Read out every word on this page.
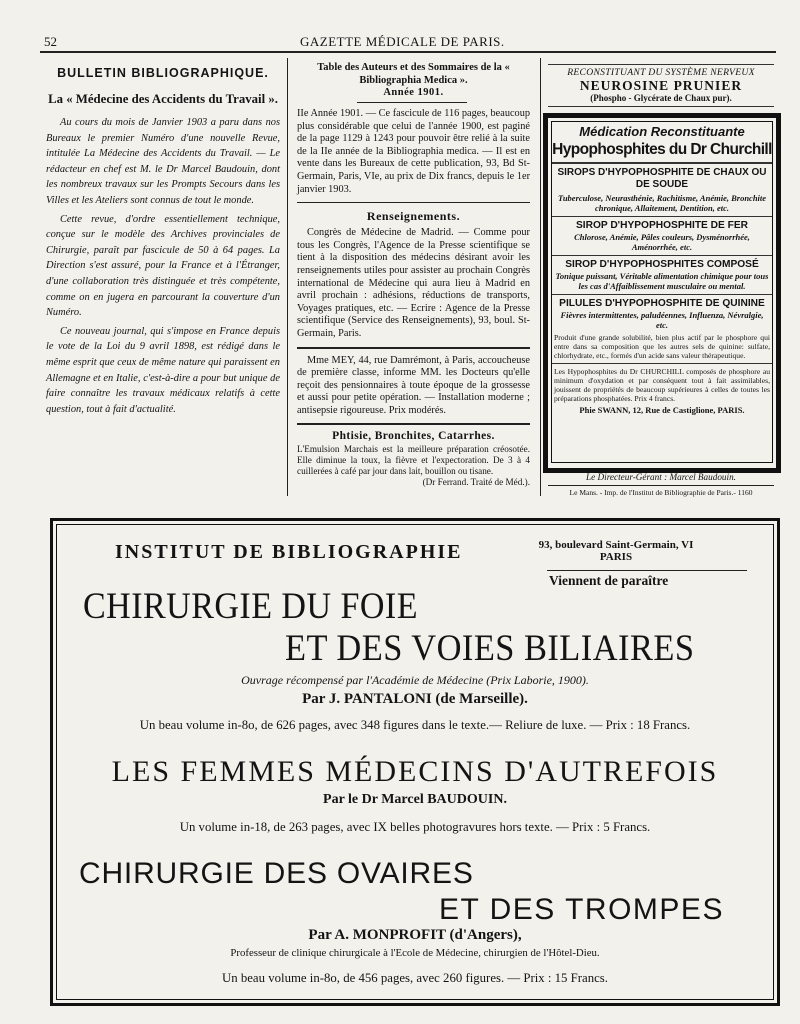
52	GAZETTE MÉDICALE DE PARIS.
BULLETIN BIBLIOGRAPHIQUE.
La « Médecine des Accidents du Travail ».

Au cours du mois de Janvier 1903 a paru dans nos Bureaux le premier Numéro d'une nouvelle Revue, intitulée La Médecine des Accidents du Travail. — Le rédacteur en chef est M. le Dr Marcel Baudouin, dont les nombreux travaux sur les Prompts Secours dans les Villes et les Ateliers sont connus de tout le monde.

Cette revue, d'ordre essentiellement technique, conçue sur le modèle des Archives provinciales de Chirurgie, paraît par fascicule de 50 à 64 pages. La Direction s'est assuré, pour la France et à l'Étranger, d'une collaboration très distinguée et très compétente, comme on en jugera en parcourant la couverture d'un Numéro.

Ce nouveau journal, qui s'impose en France depuis le vote de la Loi du 9 avril 1898, est rédigé dans le même esprit que ceux de même nature qui paraissent en Allemagne et en Italie, c'est-à-dire a pour but unique de faire connaître les travaux médicaux relatifs à cette question, tout à fait d'actualité.

Table des Auteurs et des Sommaires de la « Bibliographia Medica ».
Année 1901.

IIe Année 1901. — Ce fascicule de 116 pages, beaucoup plus considérable que celui de l'année 1900, est paginé de la page 1129 à 1243 pour pouvoir être relié à la suite de la IIe année de la Bibliographia medica. — Il est en vente dans les Bureaux de cette publication, 93, Bd St-Germain, Paris, VIe, au prix de Dix francs, depuis le 1er janvier 1903.

Renseignements.

Congrès de Médecine de Madrid. — Comme pour tous les Congrès, l'Agence de la Presse scientifique se tient à la disposition des médecins désirant avoir les renseignements utiles pour assister au prochain Congrès international de Médecine qui aura lieu à Madrid en avril prochain : adhésions, réductions de transports, Voyages pratiques, etc. — Ecrire : Agence de la Presse scientifique (Service des Renseignements), 93, boul. St-Germain, Paris.

Mme MEY, 44, rue Damrémont, à Paris, accoucheuse de première classe, informe MM. les Docteurs qu'elle reçoit des pensionnaires à toute époque de la grossesse et aussi pour petite opération. — Installation moderne ; antisepsie rigoureuse. Prix modérés.

Phtisie, Bronchites, Catarrhes.

L'Emulsion Marchais est la meilleure préparation créosotée. Elle diminue la toux, la fièvre et l'expectoration. De 3 à 4 cuillerées à café par jour dans lait, bouillon ou tisane.
(Dr Ferrand. Traité de Méd.).

RECONSTITUANT DU SYSTÈME NERVEUX
NEUROSINE PRUNIER
(Phospho - Glycérate de Chaux pur).
Médication Reconstituante
Hypophosphites du Dr Churchill
SIROPS D'HYPOPHOSPHITE DE CHAUX OU DE SOUDE
Tuberculose, Neurasthénie, Rachitisme, Anémie, Bronchite chronique, Allaitement, Dentition, etc.
SIROP D'HYPOPHOSPHITE DE FER
Chlorose, Anémie, Pâles couleurs, Dysménorrhée, Aménorrhée, etc.
SIROP D'HYPOPHOSPHITES COMPOSÉ
Tonique puissant, Véritable alimentation chimique pour tous les cas d'Affaiblissement musculaire ou mental.
PILULES D'HYPOPHOSPHITE DE QUININE
Fièvres intermittentes, paludéennes, Influenza, Névralgie, etc.
Produit d'une grande solubilité, bien plus actif par le phosphore qui entre dans sa composition que les autres sels de quinine: sulfate, chlorhydrate, etc., formés d'un acide sans valeur thérapeutique.
Les Hypophosphites du Dr CHURCHILL composés de phosphore au minimum d'oxydation et par conséquent tout à fait assimilables, jouissent de propriétés de beaucoup supérieures à celles de toutes les préparations phosphatées. Prix 4 francs.
Phie SWANN, 12, Rue de Castiglione, PARIS.
Le Directeur-Gérant : Marcel Baudouin.
Le Mans. - Imp. de l'Institut de Bibliographie de Paris.- 1160
INSTITUT DE BIBLIOGRAPHIE	93, boulevard Saint-Germain, VI
PARIS
Viennent de paraître
CHIRURGIE DU FOIE
ET DES VOIES BILIAIRES
Ouvrage récompensé par l'Académie de Médecine (Prix Laborie, 1900).
Par J. PANTALONI (de Marseille).
Un beau volume in-8o, de 626 pages, avec 348 figures dans le texte.— Reliure de luxe. — Prix : 18 Francs.
LES FEMMES MÉDECINS D'AUTREFOIS
Par le Dr Marcel BAUDOUIN.
Un volume in-18, de 263 pages, avec IX belles photogravures hors texte. — Prix : 5 Francs.
CHIRURGIE DES OVAIRES
ET DES TROMPES
Par A. MONPROFIT (d'Angers),
Professeur de clinique chirurgicale à l'Ecole de Médecine, chirurgien de l'Hôtel-Dieu.
Un beau volume in-8o, de 456 pages, avec 260 figures. — Prix : 15 Francs.
